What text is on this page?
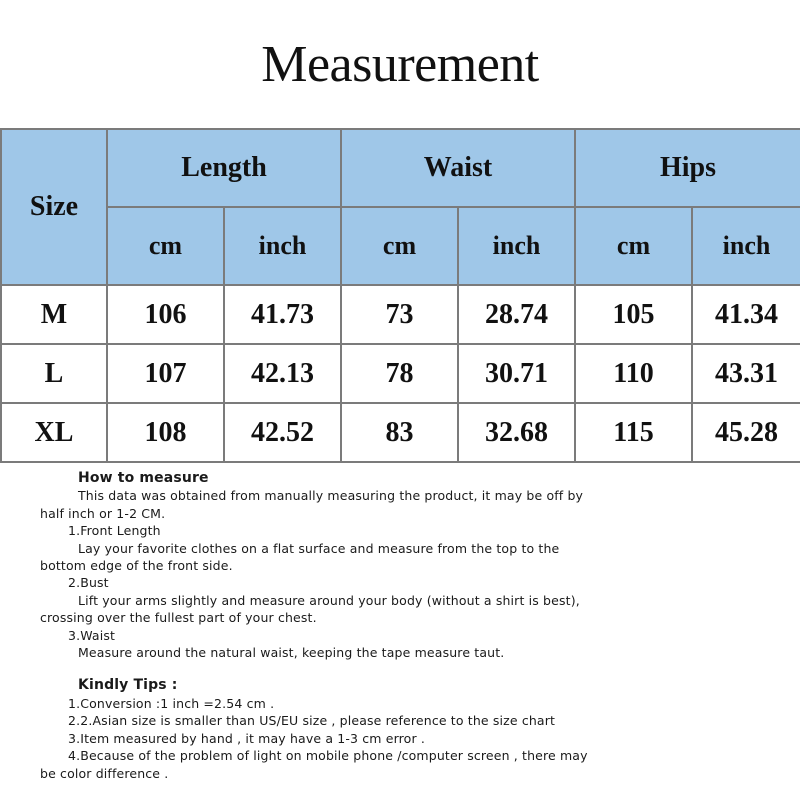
Measurement
Size	Length		Waist		Hips	
	cm	inch	cm	inch	cm	inch
M	106	41.73	73	28.74	105	41.34
L	107	42.13	78	30.71	110	43.31
XL	108	42.52	83	32.68	115	45.28
How to measure
This data was obtained from manually measuring the product, it may be off by
half inch or 1-2 CM.
1.Front Length
Lay your favorite clothes on a flat surface and measure from the top to the
bottom edge of the front side.
2.Bust
Lift your arms slightly and measure around your body (without a shirt is best),
crossing over the fullest part of your chest.
3.Waist
Measure around the natural waist, keeping the tape measure taut.
Kindly Tips :
1.Conversion :1 inch =2.54 cm .
2.2.Asian size is smaller than US/EU size , please reference to the size chart
3.Item measured by hand , it may have a 1-3 cm error .
4.Because of the problem of light on mobile phone /computer screen , there may
be color difference .
